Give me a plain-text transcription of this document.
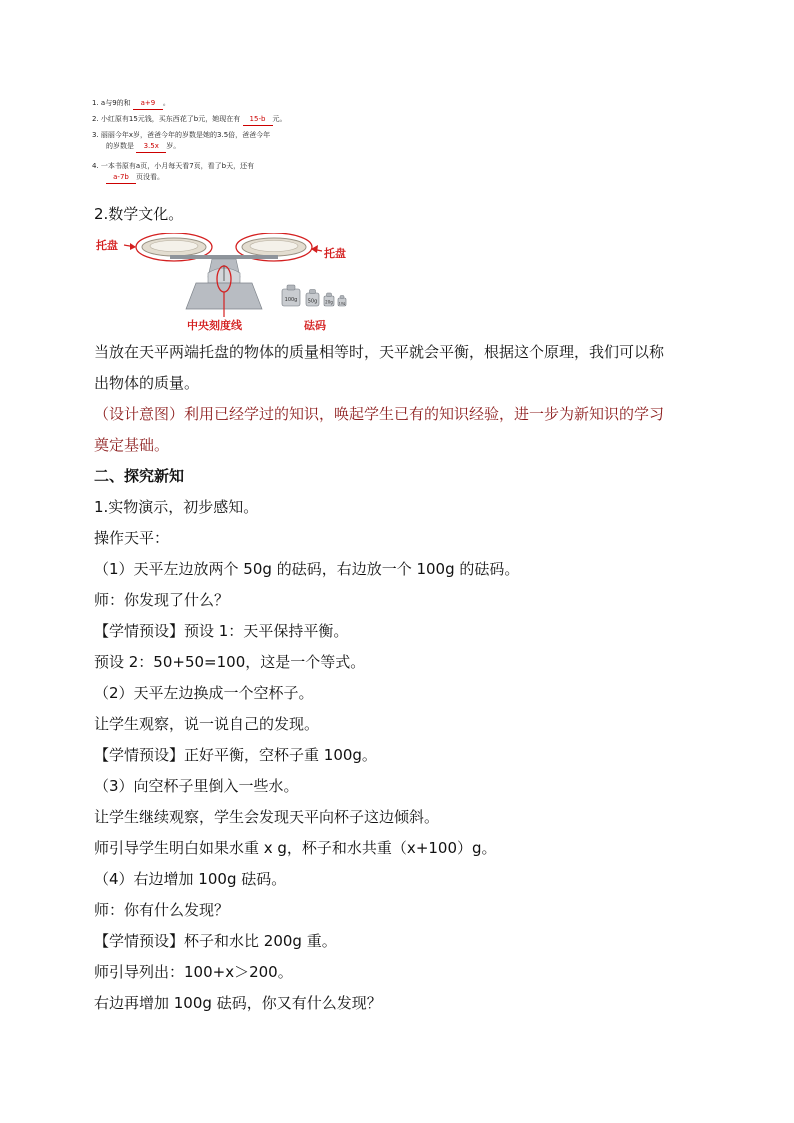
1. a与9的和 a+9 。
2. 小红原有15元钱，买东西花了b元，她现在有 15-b 元。
3. 丽丽今年x岁，爸爸今年的岁数是她的3.5倍，爸爸今年
的岁数是 3.5x 岁。
4. 一本书原有a页，小月每天看7页，看了b天，还有
a-7b 页没看。
2.数学文化。
100g 50g 20g 10g
托盘
托盘
中央刻度线	砝码
当放在天平两端托盘的物体的质量相等时，天平就会平衡，根据这个原理，我们可以称
出物体的质量。
（设计意图）利用已经学过的知识，唤起学生已有的知识经验，进一步为新知识的学习
奠定基础。
二、探究新知
1.实物演示，初步感知。
操作天平：
（1）天平左边放两个 50g 的砝码，右边放一个 100g 的砝码。
师：你发现了什么？
【学情预设】预设 1：天平保持平衡。
预设 2：50+50=100，这是一个等式。
（2）天平左边换成一个空杯子。
让学生观察，说一说自己的发现。
【学情预设】正好平衡，空杯子重 100g。
（3）向空杯子里倒入一些水。
让学生继续观察，学生会发现天平向杯子这边倾斜。
师引导学生明白如果水重 x g，杯子和水共重（x+100）g。
（4）右边增加 100g 砝码。
师：你有什么发现？
【学情预设】杯子和水比 200g 重。
师引导列出：100+x＞200。
右边再增加 100g 砝码，你又有什么发现？
